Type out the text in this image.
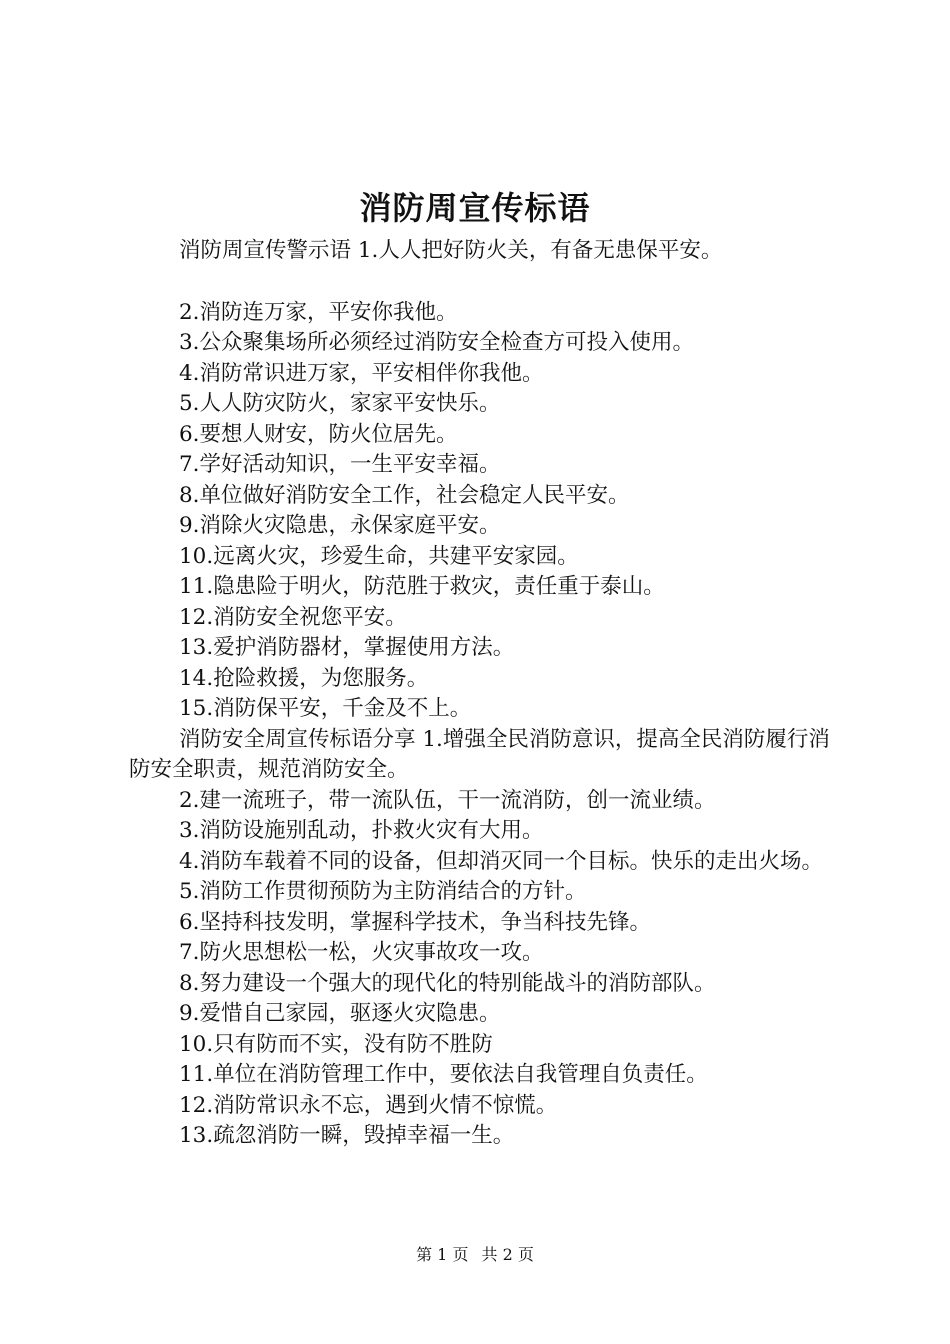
消防周宣传标语

消防周宣传警示语 1.人人把好防火关，有备无患保平安。

2.消防连万家，平安你我他。

3.公众聚集场所必须经过消防安全检查方可投入使用。

4.消防常识进万家，平安相伴你我他。

5.人人防灾防火，家家平安快乐。

6.要想人财安，防火位居先。

7.学好活动知识，一生平安幸福。

8.单位做好消防安全工作，社会稳定人民平安。

9.消除火灾隐患，永保家庭平安。

10.远离火灾，珍爱生命，共建平安家园。

11.隐患险于明火，防范胜于救灾，责任重于泰山。

12.消防安全祝您平安。

13.爱护消防器材，掌握使用方法。

14.抢险救援，为您服务。

15.消防保平安，千金及不上。

消防安全周宣传标语分享 1.增强全民消防意识，提高全民消防履行消防安全职责，规范消防安全。

2.建一流班子，带一流队伍，干一流消防，创一流业绩。

3.消防设施别乱动，扑救火灾有大用。

4.消防车载着不同的设备，但却消灭同一个目标。快乐的走出火场。

5.消防工作贯彻预防为主防消结合的方针。

6.坚持科技发明，掌握科学技术，争当科技先锋。

7.防火思想松一松，火灾事故攻一攻。

8.努力建设一个强大的现代化的特别能战斗的消防部队。

9.爱惜自己家园，驱逐火灾隐患。

10.只有防而不实，没有防不胜防

11.单位在消防管理工作中，要依法自我管理自负责任。

12.消防常识永不忘，遇到火情不惊慌。

13.疏忽消防一瞬，毁掉幸福一生。

第 1 页 共 2 页
